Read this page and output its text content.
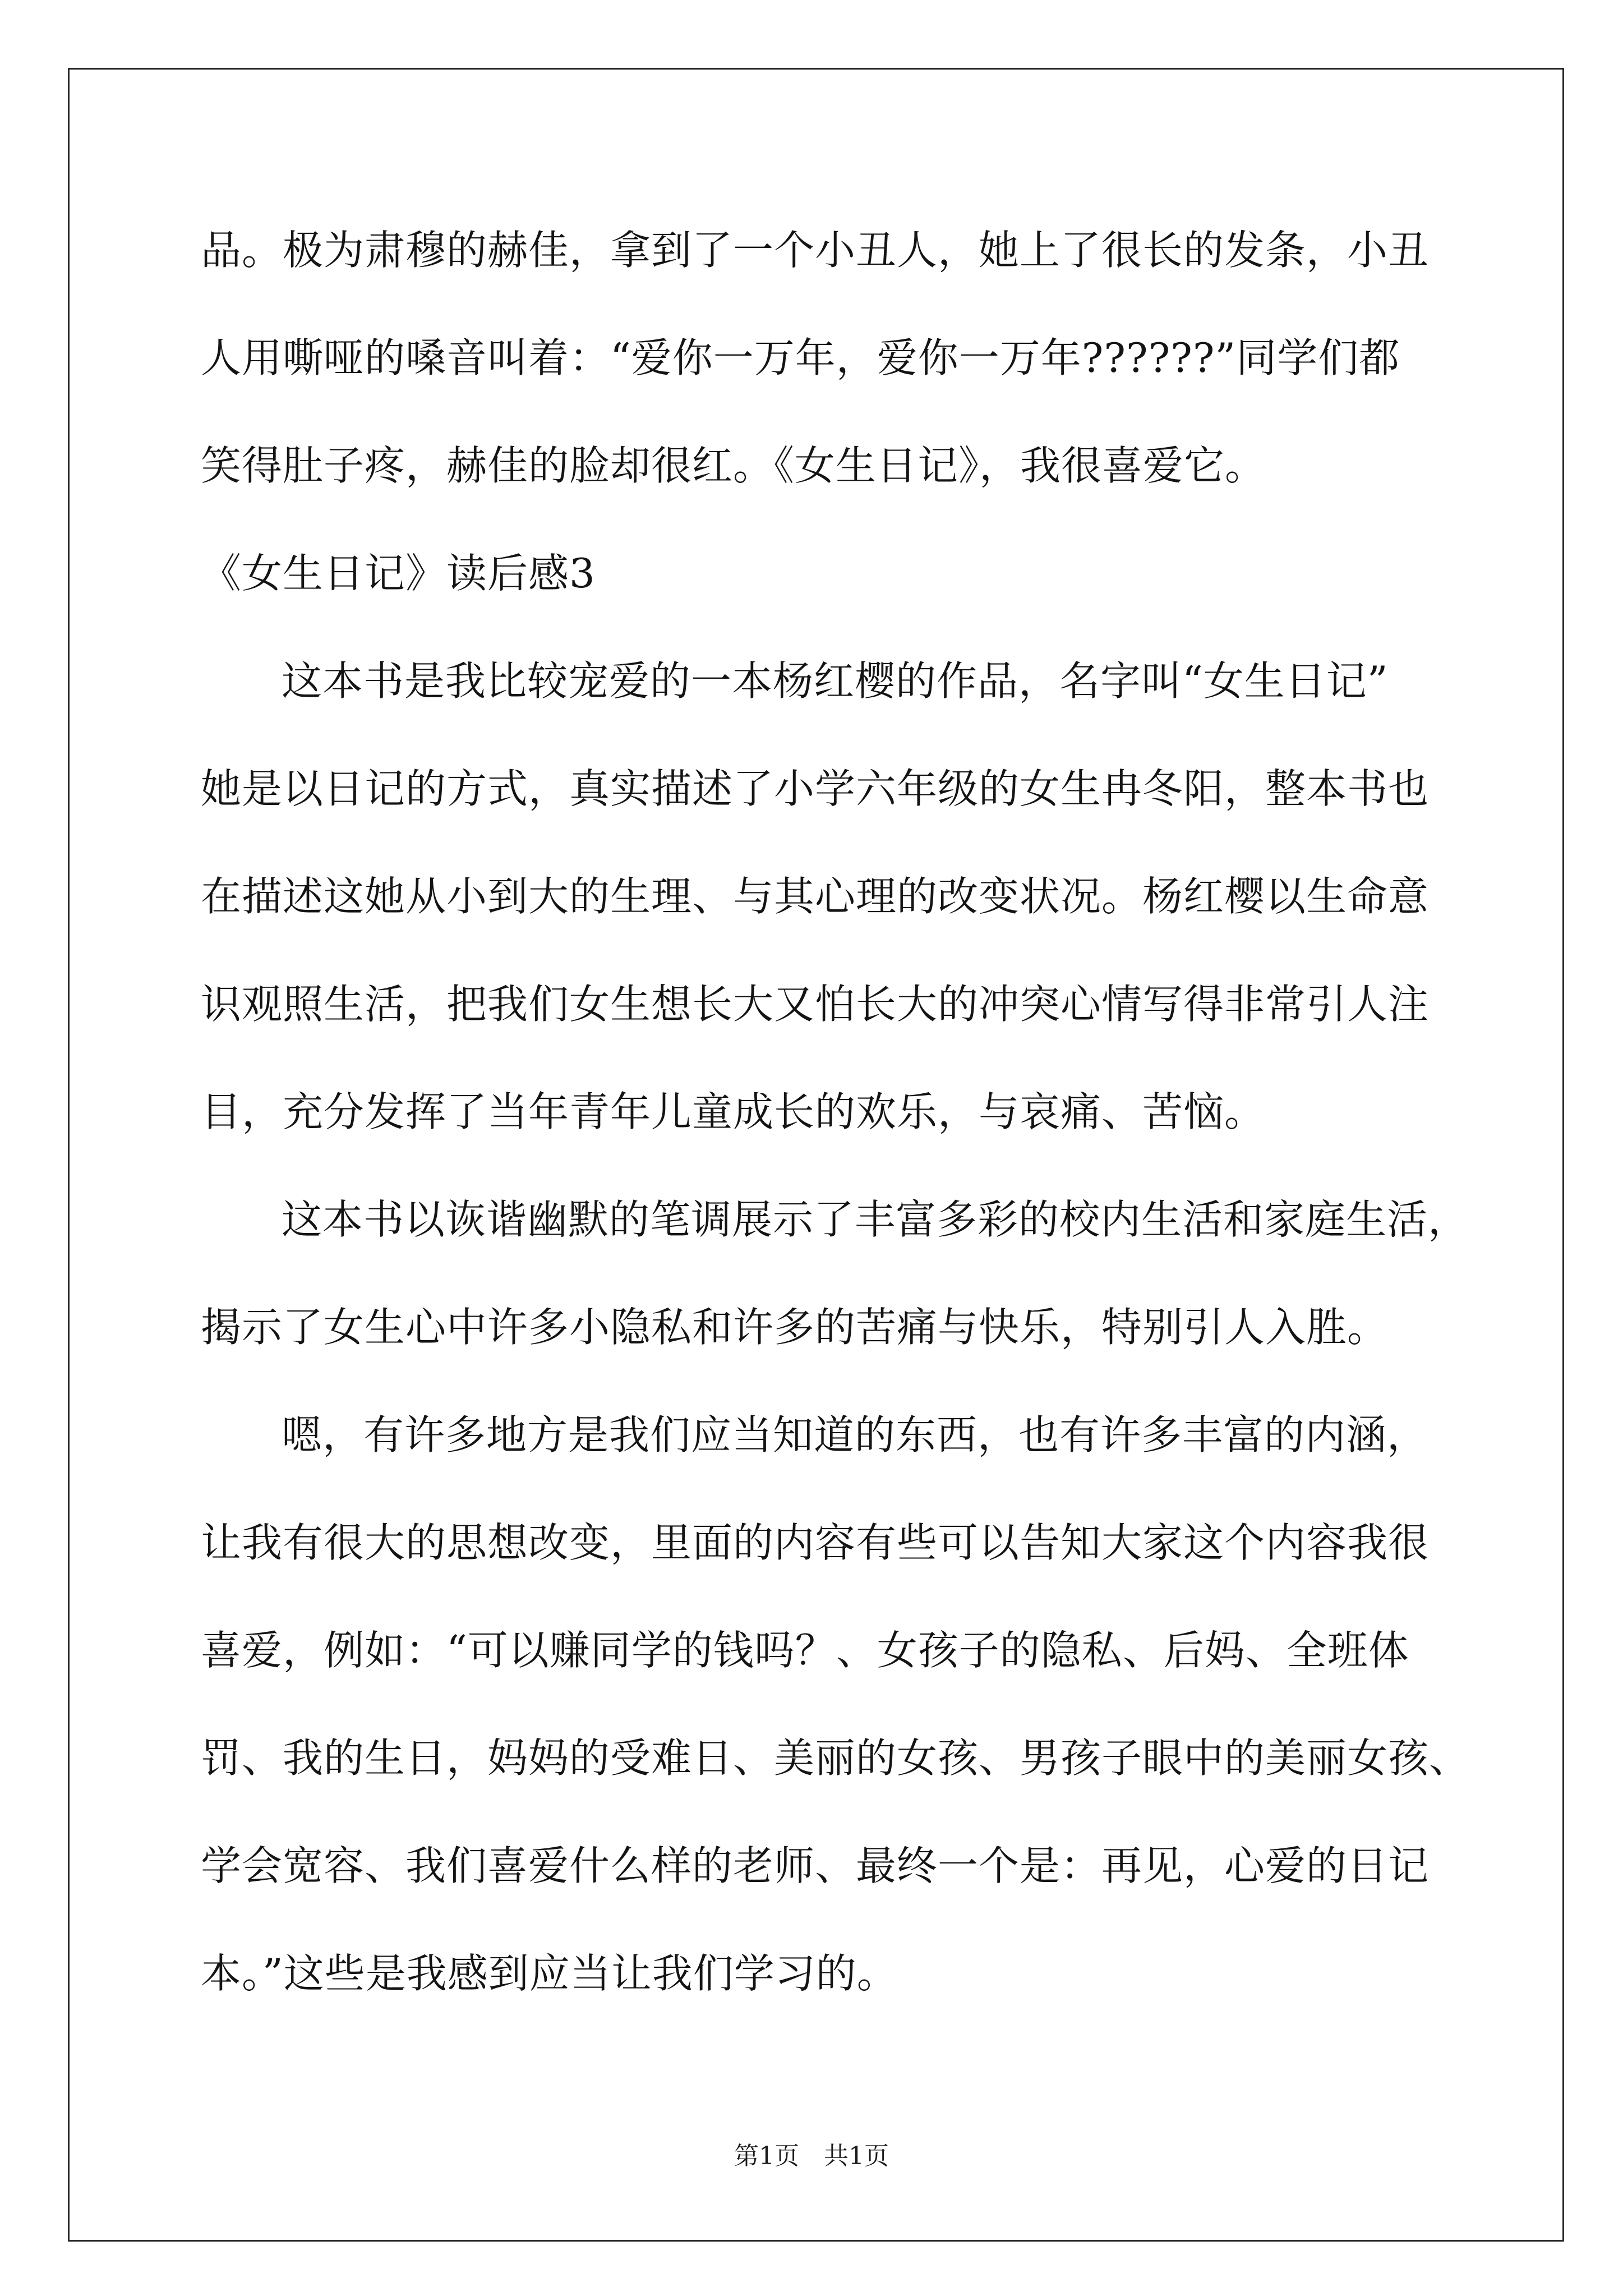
品。极为肃穆的赫佳，拿到了一个小丑人，她上了很长的发条，小丑
人用嘶哑的嗓音叫着：“爱你一万年，爱你一万年??????”同学们都
笑得肚子疼，赫佳的脸却很红。《女生日记》，我很喜爱它。
《女生日记》读后感3
这本书是我比较宠爱的一本杨红樱的作品，名字叫“女生日记”
她是以日记的方式，真实描述了小学六年级的女生冉冬阳，整本书也
在描述这她从小到大的生理、与其心理的改变状况。杨红樱以生命意
识观照生活，把我们女生想长大又怕长大的冲突心情写得非常引人注
目，充分发挥了当年青年儿童成长的欢乐，与哀痛、苦恼。
这本书以诙谐幽默的笔调展示了丰富多彩的校内生活和家庭生活，
揭示了女生心中许多小隐私和许多的苦痛与快乐，特别引人入胜。
嗯，有许多地方是我们应当知道的东西，也有许多丰富的内涵，
让我有很大的思想改变，里面的内容有些可以告知大家这个内容我很
喜爱，例如：“可以赚同学的钱吗？、女孩子的隐私、后妈、全班体
罚、我的生日，妈妈的受难日、美丽的女孩、男孩子眼中的美丽女孩、
学会宽容、我们喜爱什么样的老师、最终一个是：再见，心爱的日记
本。”这些是我感到应当让我们学习的。
第1页　共1页
